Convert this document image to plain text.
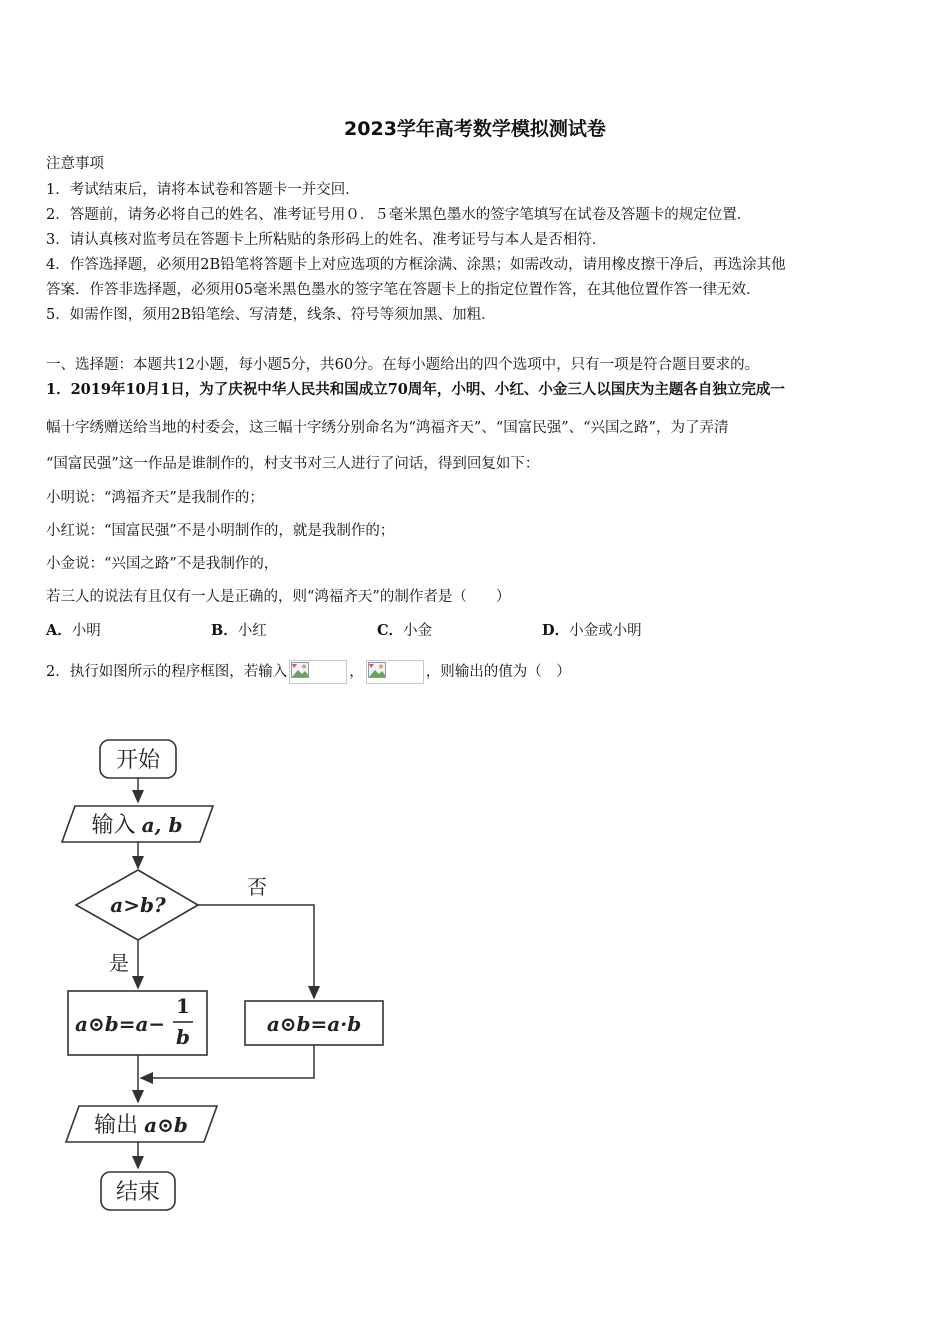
2023学年高考数学模拟测试卷
注意事项
1．考试结束后，请将本试卷和答题卡一并交回．
2．答题前，请务必将自己的姓名、准考证号用０．５毫米黑色墨水的签字笔填写在试卷及答题卡的规定位置．
3．请认真核对监考员在答题卡上所粘贴的条形码上的姓名、准考证号与本人是否相符．
4．作答选择题，必须用2B铅笔将答题卡上对应选项的方框涂满、涂黑；如需改动，请用橡皮擦干净后，再选涂其他
答案．作答非选择题，必须用05毫米黑色墨水的签字笔在答题卡上的指定位置作答，在其他位置作答一律无效．
5．如需作图，须用2B铅笔绘、写清楚，线条、符号等须加黑、加粗．
一、选择题：本题共12小题，每小题5分，共60分。在每小题给出的四个选项中，只有一项是符合题目要求的。
1．2019年10月1日，为了庆祝中华人民共和国成立70周年，小明、小红、小金三人以国庆为主题各自独立完成一
幅十字绣赠送给当地的村委会，这三幅十字绣分别命名为“鸿福齐天”、“国富民强”、“兴国之路”，为了弄清
“国富民强”这一作品是谁制作的，村支书对三人进行了问话，得到回复如下：
小明说：“鸿福齐天”是我制作的；
小红说：“国富民强”不是小明制作的，就是我制作的；
小金说：“兴国之路”不是我制作的，
若三人的说法有且仅有一人是正确的，则“鸿福齐天”的制作者是（　　）
A．小明	B．小红	C．小金	D．小金或小明
2．执行如图所示的程序框图，若输入	，	，则输出的值为（　）
开始
输入 a, b
a>b?
否
是
a⊙b=a−
1
b
a⊙b=a·b
输出 a⊙b
结束
